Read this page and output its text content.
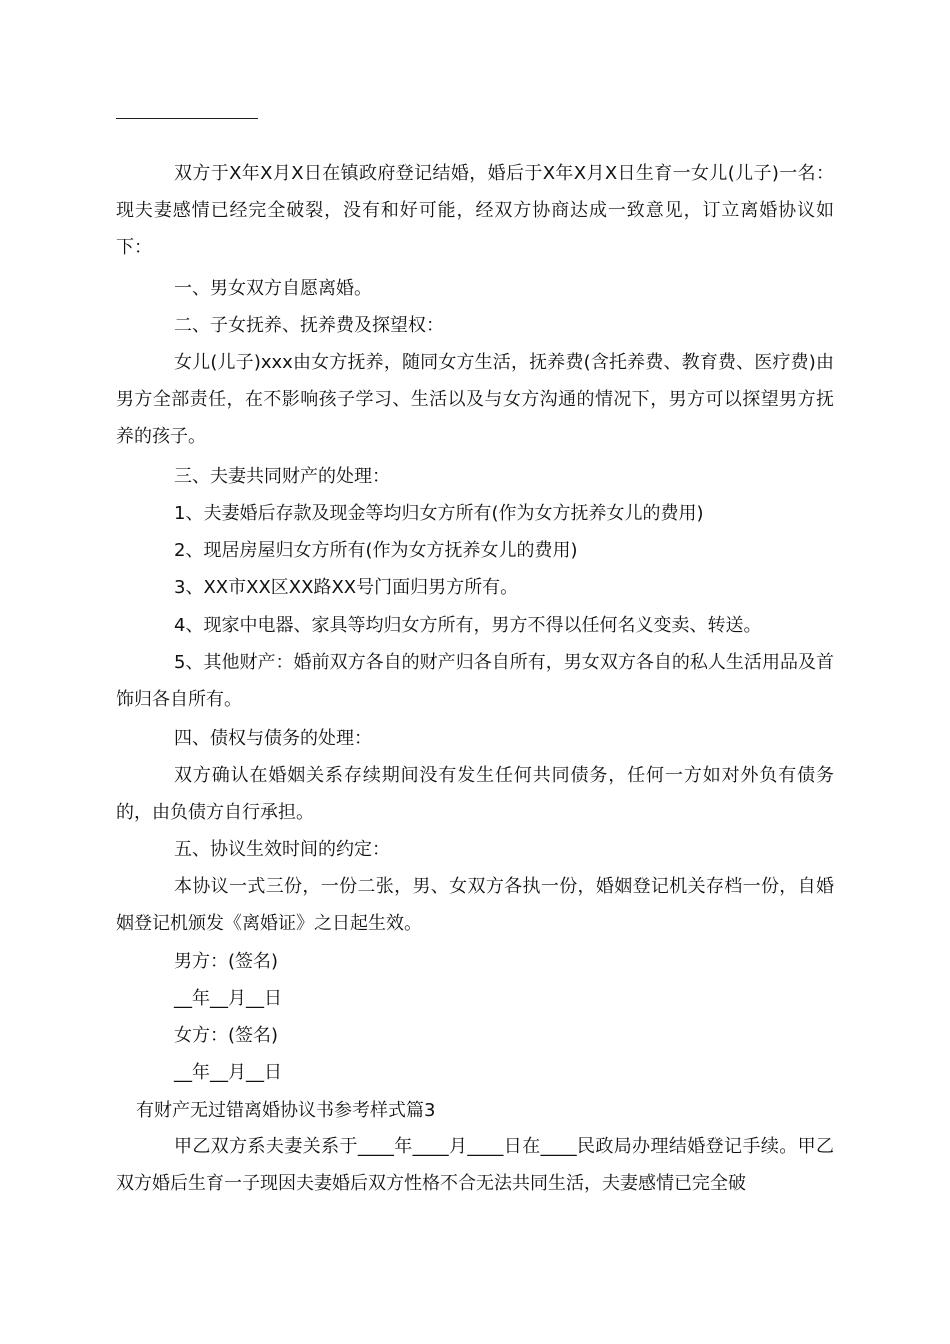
双方于X年X月X日在镇政府登记结婚，婚后于X年X月X日生育一女儿(儿子)一名：现夫妻感情已经完全破裂，没有和好可能，经双方协商达成一致意见，订立离婚协议如下：

一、男女双方自愿离婚。
二、子女抚养、抚养费及探望权：

女儿(儿子)xxx由女方抚养，随同女方生活，抚养费(含托养费、教育费、医疗费)由男方全部责任，在不影响孩子学习、生活以及与女方沟通的情况下，男方可以探望男方抚养的孩子。

三、夫妻共同财产的处理：
1、夫妻婚后存款及现金等均归女方所有(作为女方抚养女儿的费用)
2、现居房屋归女方所有(作为女方抚养女儿的费用)
3、XX市XX区XX路XX号门面归男方所有。
4、现家中电器、家具等均归女方所有，男方不得以任何名义变卖、转送。

5、其他财产：婚前双方各自的财产归各自所有，男女双方各自的私人生活用品及首饰归各自所有。

四、债权与债务的处理：

双方确认在婚姻关系存续期间没有发生任何共同债务，任何一方如对外负有债务的，由负债方自行承担。

五、协议生效时间的约定：

本协议一式三份，一份二张，男、女双方各执一份，婚姻登记机关存档一份，自婚姻登记机颁发《离婚证》之日起生效。

男方：(签名)
__年__月__日
女方：(签名)
__年__月__日
有财产无过错离婚协议书参考样式篇3

甲乙双方系夫妻关系于____年____月____日在____民政局办理结婚登记手续。甲乙双方婚后生育一子现因夫妻婚后双方性格不合无法共同生活，夫妻感情已完全破
